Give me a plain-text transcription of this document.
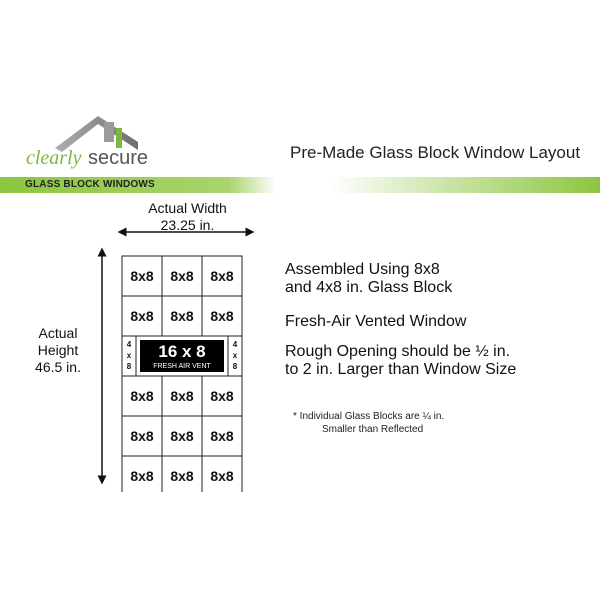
clearly secure
GLASS BLOCK WINDOWS
Pre-Made Glass Block Window Layout
Actual Width
23.25 in.
Actual
Height
46.5 in.
8x8 8x8 8x8
8x8 8x8 8x8
16 x 8
FRESH AIR VENT
4
x
8
4
x
8
8x8 8x8 8x8
8x8 8x8 8x8
8x8 8x8 8x8
Assembled Using 8x8
and 4x8 in. Glass Block
Fresh-Air Vented Window
Rough Opening should be ½ in.
to 2 in. Larger than Window Size
* Individual Glass Blocks are ¼ in.
Smaller than Reflected
